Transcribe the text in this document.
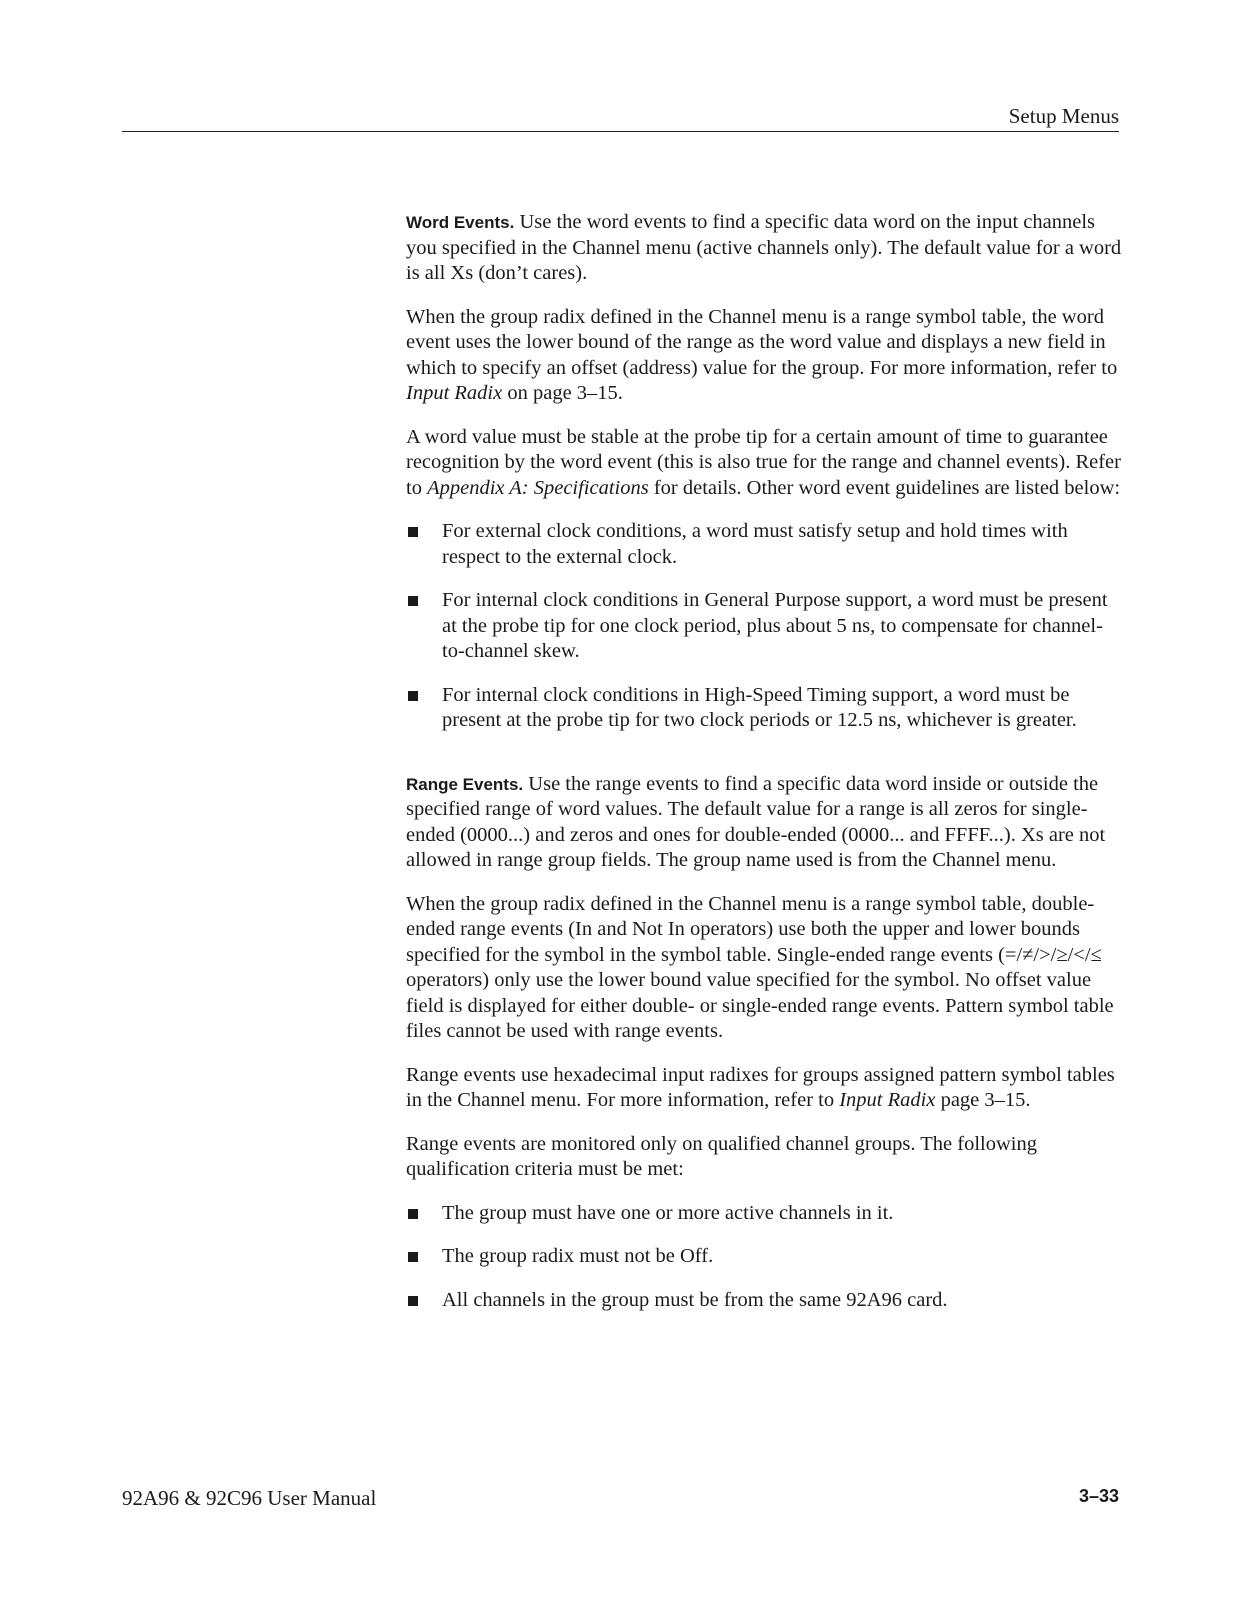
Setup Menus

Word Events. Use the word events to find a specific data word on the input channels you specified in the Channel menu (active channels only). The default value for a word is all Xs (don’t cares).

When the group radix defined in the Channel menu is a range symbol table, the word event uses the lower bound of the range as the word value and displays a new field in which to specify an offset (address) value for the group. For more information, refer to Input Radix on page 3–15.

A word value must be stable at the probe tip for a certain amount of time to guarantee recognition by the word event (this is also true for the range and channel events). Refer to Appendix A: Specifications for details. Other word event guidelines are listed below:

For external clock conditions, a word must satisfy setup and hold times with respect to the external clock.
For internal clock conditions in General Purpose support, a word must be present at the probe tip for one clock period, plus about 5 ns, to compensate for channel-to-channel skew.
For internal clock conditions in High-Speed Timing support, a word must be present at the probe tip for two clock periods or 12.5 ns, whichever is greater.

Range Events. Use the range events to find a specific data word inside or outside the specified range of word values. The default value for a range is all zeros for single-ended (0000...) and zeros and ones for double-ended (0000... and FFFF...). Xs are not allowed in range group fields. The group name used is from the Channel menu.

When the group radix defined in the Channel menu is a range symbol table, double-ended range events (In and Not In operators) use both the upper and lower bounds specified for the symbol in the symbol table. Single-ended range events (=/≠/>/≥/</≤ operators) only use the lower bound value specified for the symbol. No offset value field is displayed for either double- or single-ended range events. Pattern symbol table files cannot be used with range events.

Range events use hexadecimal input radixes for groups assigned pattern symbol tables in the Channel menu. For more information, refer to Input Radix page 3–15.

Range events are monitored only on qualified channel groups. The following qualification criteria must be met:

The group must have one or more active channels in it.
The group radix must not be Off.
All channels in the group must be from the same 92A96 card.
92A96 & 92C96 User Manual	3–33
